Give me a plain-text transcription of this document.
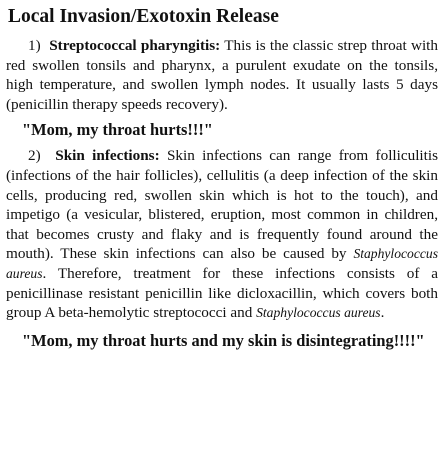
Local Invasion/Exotoxin Release

1) Streptococcal pharyngitis: This is the classic strep throat with red swollen tonsils and pharynx, a purulent exudate on the tonsils, high temperature, and swollen lymph nodes. It usually lasts 5 days (penicillin therapy speeds recovery).

"Mom, my throat hurts!!!"

2) Skin infections: Skin infections can range from folliculitis (infections of the hair follicles), cellulitis (a deep infection of the skin cells, producing red, swollen skin which is hot to the touch), and impetigo (a vesicular, blistered, eruption, most common in children, that becomes crusty and flaky and is frequently found around the mouth). These skin infections can also be caused by Staphylococcus aureus. Therefore, treatment for these infections consists of a penicillinase resistant penicillin like dicloxacillin, which covers both group A beta-hemolytic streptococci and Staphylococcus aureus.

"Mom, my throat hurts and my skin is disintegrating!!!!"
